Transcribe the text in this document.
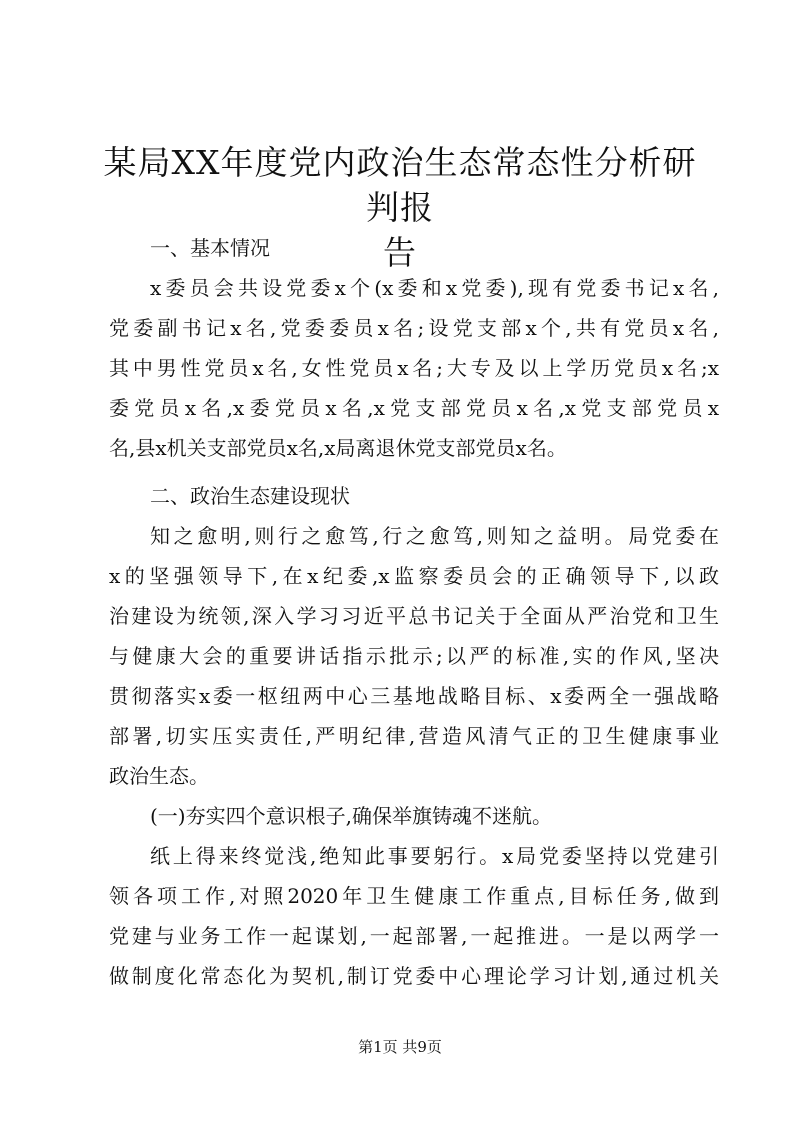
某局XX年度党内政治生态常态性分析研判报
告

一、基本情况

x委员会共设党委x个(x委和x党委),现有党委书记x名,

党委副书记x名,党委委员x名;设党支部x个,共有党员x名,

其中男性党员x名,女性党员x名;大专及以上学历党员x名;x

委党员x名,x委党员x名,x党支部党员x名,x党支部党员x

名,县x机关支部党员x名,x局离退休党支部党员x名。

二、政治生态建设现状

知之愈明,则行之愈笃,行之愈笃,则知之益明。局党委在

x的坚强领导下,在x纪委,x监察委员会的正确领导下,以政

治建设为统领,深入学习习近平总书记关于全面从严治党和卫生

与健康大会的重要讲话指示批示;以严的标准,实的作风,坚决

贯彻落实x委一枢纽两中心三基地战略目标、x委两全一强战略

部署,切实压实责任,严明纪律,营造风清气正的卫生健康事业

政治生态。

(一)夯实四个意识根子,确保举旗铸魂不迷航。

纸上得来终觉浅,绝知此事要躬行。x局党委坚持以党建引

领各项工作,对照2020年卫生健康工作重点,目标任务,做到

党建与业务工作一起谋划,一起部署,一起推进。一是以两学一

做制度化常态化为契机,制订党委中心理论学习计划,通过机关

第1页 共9页
